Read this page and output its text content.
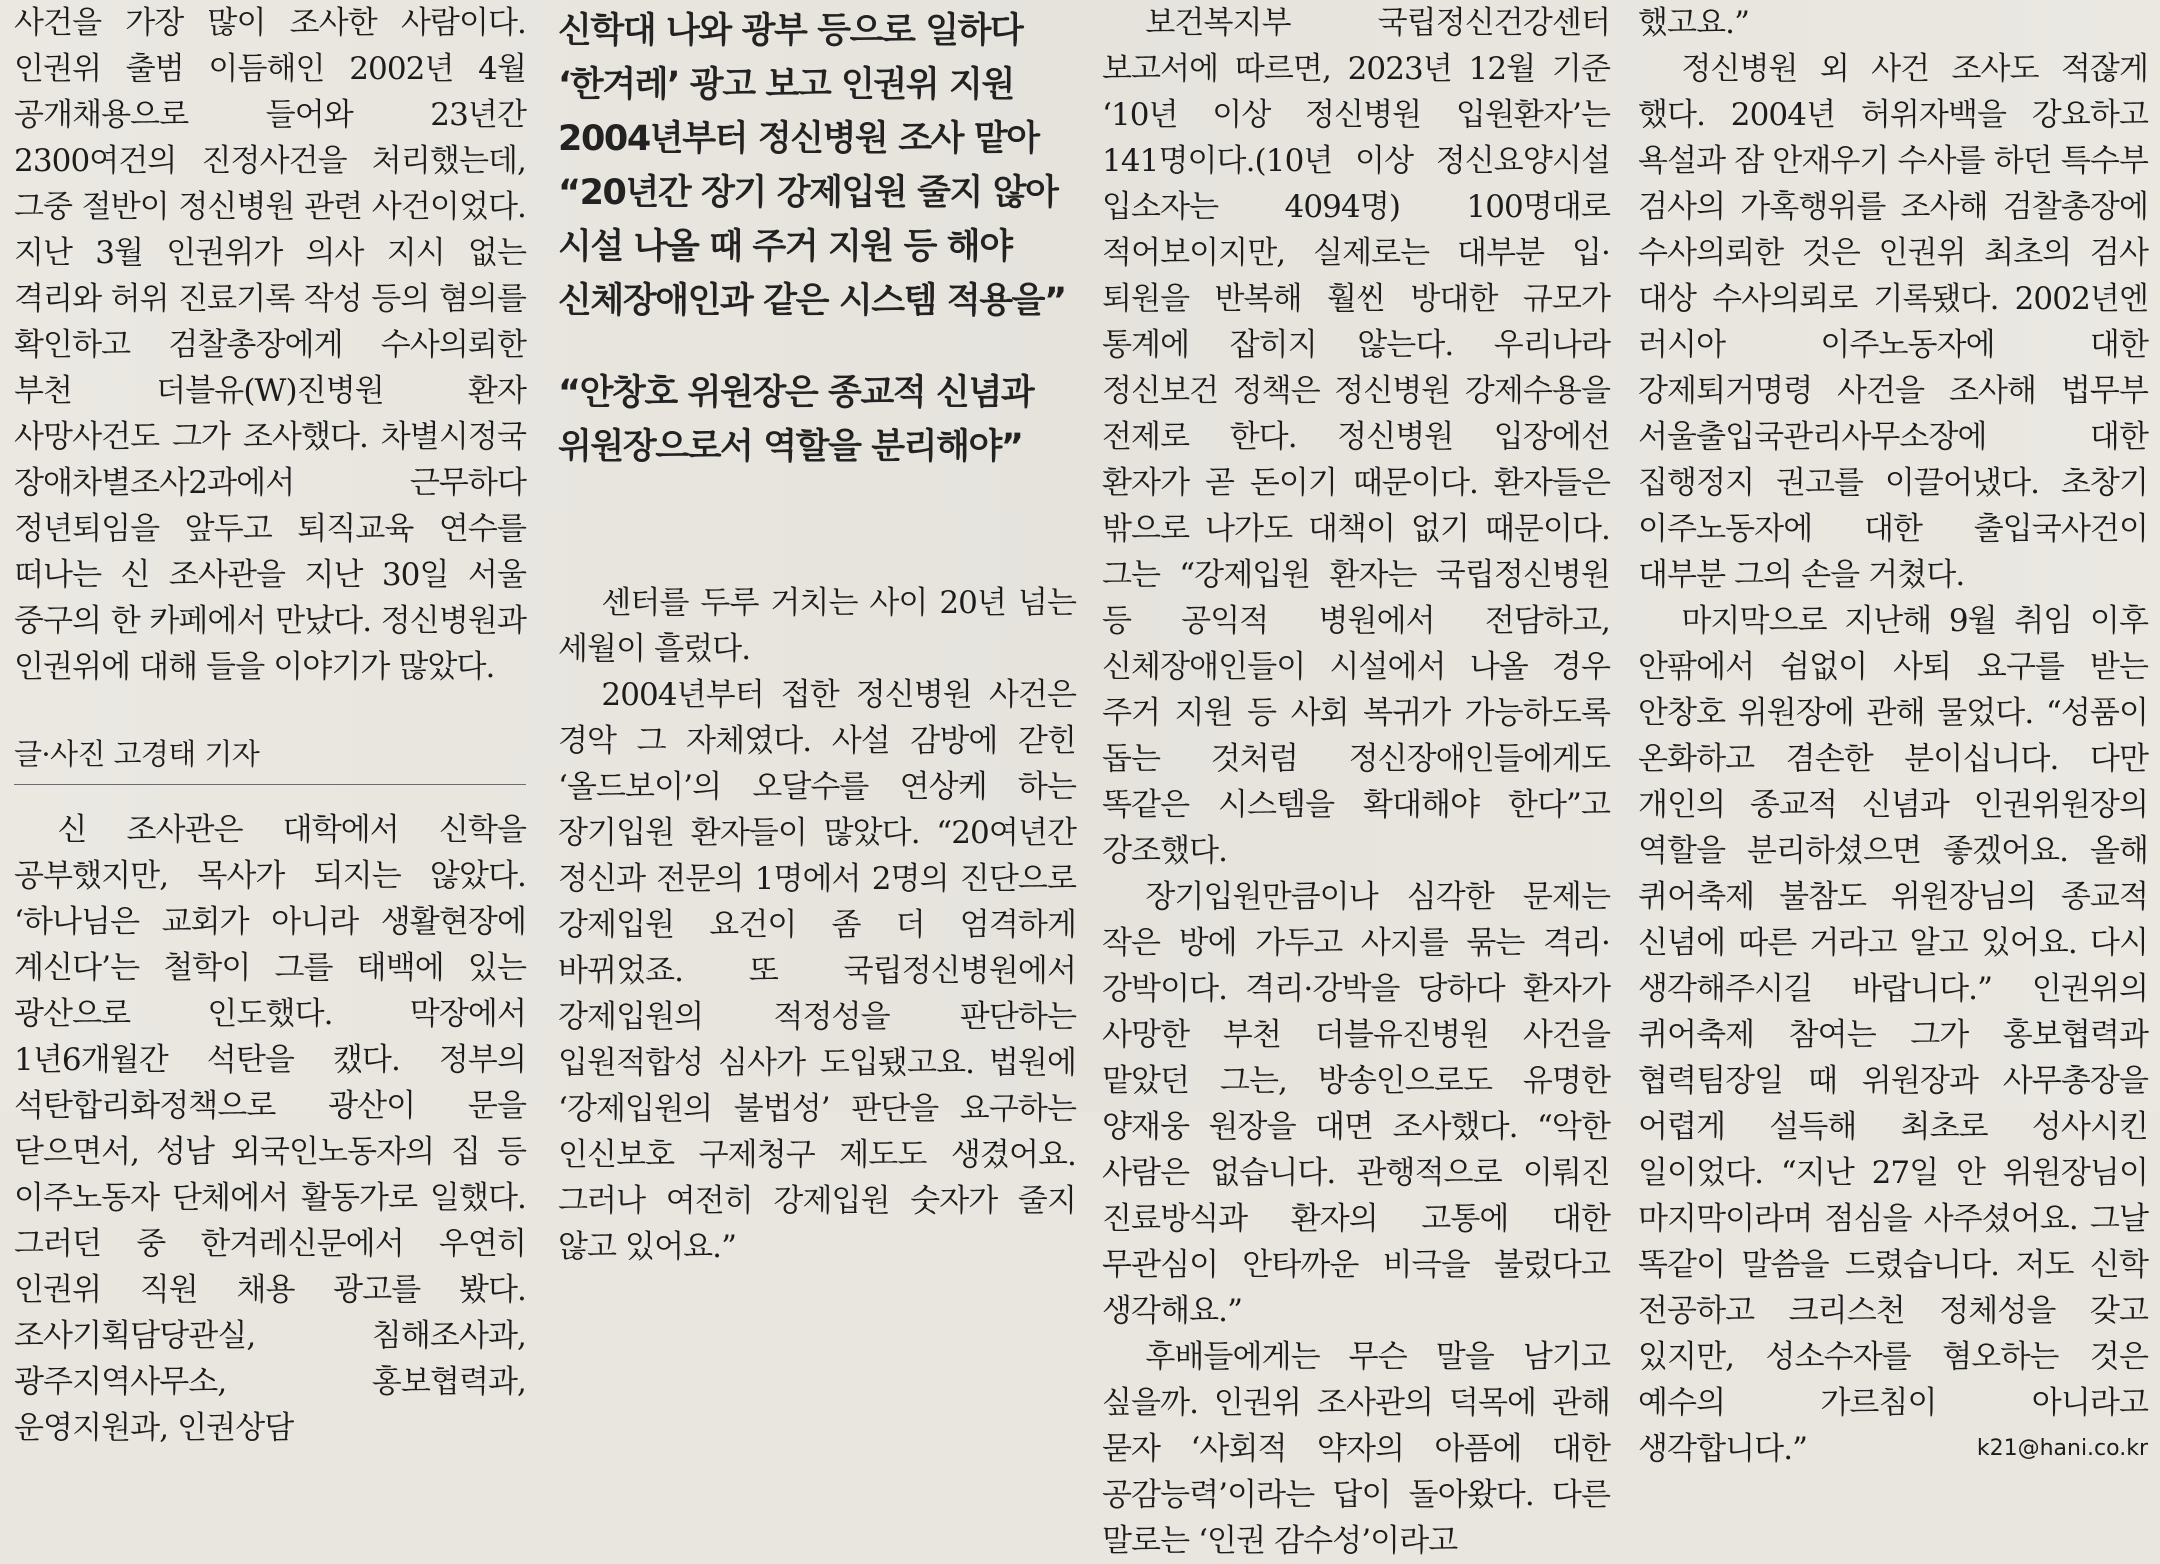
사건을 가장 많이 조사한 사람이다. 인권위 출범 이듬해인 2002년 4월 공개채용으로 들어와 23년간 2300여건의 진정사건을 처리했는데, 그중 절반이 정신병원 관련 사건이었다. 지난 3월 인권위가 의사 지시 없는 격리와 허위 진료기록 작성 등의 혐의를 확인하고 검찰총장에게 수사의뢰한 부천 더블유(W)진병원 환자 사망사건도 그가 조사했다. 차별시정국 장애차별조사2과에서 근무하다 정년퇴임을 앞두고 퇴직교육 연수를 떠나는 신 조사관을 지난 30일 서울 중구의 한 카페에서 만났다. 정신병원과 인권위에 대해 들을 이야기가 많았다.

글·사진 고경태 기자

신 조사관은 대학에서 신학을 공부했지만, 목사가 되지는 않았다. ‘하나님은 교회가 아니라 생활현장에 계신다’는 철학이 그를 태백에 있는 광산으로 인도했다. 막장에서 1년6개월간 석탄을 캤다. 정부의 석탄합리화정책으로 광산이 문을 닫으면서, 성남 외국인노동자의 집 등 이주노동자 단체에서 활동가로 일했다. 그러던 중 한겨레신문에서 우연히 인권위 직원 채용 광고를 봤다. 조사기획담당관실, 침해조사과, 광주지역사무소, 홍보협력과, 운영지원과, 인권상담

신학대 나와 광부 등으로 일하다
‘한겨레’ 광고 보고 인권위 지원
2004년부터 정신병원 조사 맡아
“20년간 장기 강제입원 줄지 않아
시설 나올 때 주거 지원 등 해야
신체장애인과 같은 시스템 적용을”
“안창호 위원장은 종교적 신념과
위원장으로서 역할을 분리해야”

센터를 두루 거치는 사이 20년 넘는 세월이 흘렀다.

2004년부터 접한 정신병원 사건은 경악 그 자체였다. 사설 감방에 갇힌 ‘올드보이’의 오달수를 연상케 하는 장기입원 환자들이 많았다. “20여년간 정신과 전문의 1명에서 2명의 진단으로 강제입원 요건이 좀 더 엄격하게 바뀌었죠. 또 국립정신병원에서 강제입원의 적정성을 판단하는 입원적합성 심사가 도입됐고요. 법원에 ‘강제입원의 불법성’ 판단을 요구하는 인신보호 구제청구 제도도 생겼어요. 그러나 여전히 강제입원 숫자가 줄지 않고 있어요.”

보건복지부 국립정신건강센터 보고서에 따르면, 2023년 12월 기준 ‘10년 이상 정신병원 입원환자’는 141명이다.(10년 이상 정신요양시설 입소자는 4094명) 100명대로 적어보이지만, 실제로는 대부분 입·퇴원을 반복해 훨씬 방대한 규모가 통계에 잡히지 않는다. 우리나라 정신보건 정책은 정신병원 강제수용을 전제로 한다. 정신병원 입장에선 환자가 곧 돈이기 때문이다. 환자들은 밖으로 나가도 대책이 없기 때문이다. 그는 “강제입원 환자는 국립정신병원 등 공익적 병원에서 전담하고, 신체장애인들이 시설에서 나올 경우 주거 지원 등 사회 복귀가 가능하도록 돕는 것처럼 정신장애인들에게도 똑같은 시스템을 확대해야 한다”고 강조했다.

장기입원만큼이나 심각한 문제는 작은 방에 가두고 사지를 묶는 격리·강박이다. 격리·강박을 당하다 환자가 사망한 부천 더블유진병원 사건을 맡았던 그는, 방송인으로도 유명한 양재웅 원장을 대면 조사했다. “악한 사람은 없습니다. 관행적으로 이뤄진 진료방식과 환자의 고통에 대한 무관심이 안타까운 비극을 불렀다고 생각해요.”

후배들에게는 무슨 말을 남기고 싶을까. 인권위 조사관의 덕목에 관해 묻자 ‘사회적 약자의 아픔에 대한 공감능력’이라는 답이 돌아왔다. 다른 말로는 ‘인권 감수성’이라고

했고요.”

정신병원 외 사건 조사도 적잖게 했다. 2004년 허위자백을 강요하고 욕설과 잠 안재우기 수사를 하던 특수부 검사의 가혹행위를 조사해 검찰총장에 수사의뢰한 것은 인권위 최초의 검사 대상 수사의뢰로 기록됐다. 2002년엔 러시아 이주노동자에 대한 강제퇴거명령 사건을 조사해 법무부 서울출입국관리사무소장에 대한 집행정지 권고를 이끌어냈다. 초창기 이주노동자에 대한 출입국사건이 대부분 그의 손을 거쳤다.

마지막으로 지난해 9월 취임 이후 안팎에서 쉼없이 사퇴 요구를 받는 안창호 위원장에 관해 물었다. “성품이 온화하고 겸손한 분이십니다. 다만 개인의 종교적 신념과 인권위원장의 역할을 분리하셨으면 좋겠어요. 올해 퀴어축제 불참도 위원장님의 종교적 신념에 따른 거라고 알고 있어요. 다시 생각해주시길 바랍니다.” 인권위의 퀴어축제 참여는 그가 홍보협력과 협력팀장일 때 위원장과 사무총장을 어렵게 설득해 최초로 성사시킨 일이었다. “지난 27일 안 위원장님이 마지막이라며 점심을 사주셨어요. 그날 똑같이 말씀을 드렸습니다. 저도 신학 전공하고 크리스천 정체성을 갖고 있지만, 성소수자를 혐오하는 것은 예수의 가르침이 아니라고 생각합니다.”	k21@hani.co.kr
